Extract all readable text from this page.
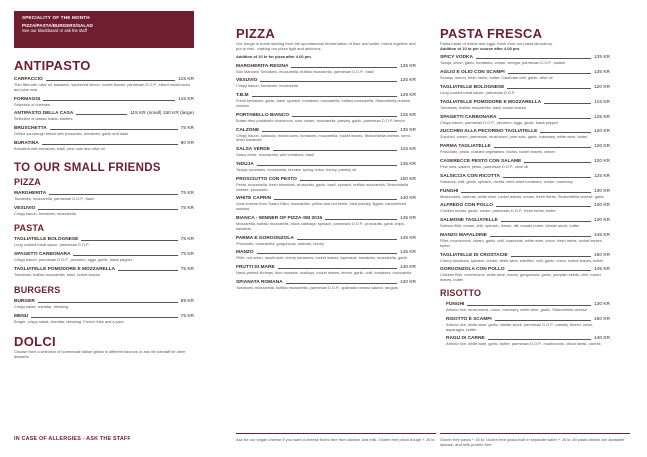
SPECIALITY OF THE MONTH
PIZZA/PASTA/BURGERS/SALAD
See our blackboard or ask the staff
ANTIPASTO
CARPACCIO	115 KR
Thin fillet with olive oil, balsamic, squeezed lemon, rocket leaves, parmesan D.O.P., sliced mushrooms and pine nuts
FORMAGGI	115 KR
Selection of cheeses
ANTIPASTO DELLA CASA	115 KR (small) 150 KR (large)
Selection of classic Italian starters
BRUSCHETTA	75 KR
Grilled sourdough bread with prosciutto, tomatoes, garlic and basil
BURATINA	90 KR
Burratina with tomatoes, basil, pine nuts and olive oil
TO OUR SMALL FRIENDS
PIZZA
MARGHERITA	75 KR
Tomatoes, mozzarella, parmesan D.O.P., basil
VESUVIO	75 KR
Crispy bacon, tomatoes, mozzarella
PASTA
TAGLIATELLE BOLOGNESE	75 KR
Long cooked meat sauce, parmesan D.O.P.
SPAGETTI CARBONARA	75 KR
Crispy bacon, parmesan D.O.P., pecorino, eggs, garlic, black pepper
TAGLIATELLE POMODORE E MOZZARELLA	75 KR
Tomatoes, buffalo mozzarella, basil, rocket leaves
BURGERS
BURGER	59 KR
Crispy salad, cheddar, dressing
MENU	75 KR
Burger, crispy salad, cheddar, dressing, French fries and a juice
DOLCI
Choose from a selection of homemade Italian gelato in different flavours or ask the barstaff for other desserts
PIZZA
Our dough is made starting from the spontaneous fermentation of flour and water, mixed together and put to rest - making our pizza light and delicious.
Addition of 10 kr for pizza after 4.00 pm.
MARGHERITA-REGINA	125 KR
San Marzano Tomatoes, mozzarella, buffalo mozzarella, parmesan D.O.P., basil
VESUVIO	125 KR
Crispy bacon, tomatoes, mozzarella
T.B.M	129 KR
Fresh tomatoes, garlic, basil, spinach, tomatoes, mozzarella, buffalo mozzarella, Stracchitella cheese, chicken
PORTABELLO BIANCO	125 KR
Butter-fried portabello mushroom, sour cream, mozzarella, parsley, garlic, parmesan D.O.P. lemon
CALZONE	135 KR
Crispy bacon, salsiccia, mushrooms, tomatoes, mozzarella, rocket leaves, Stracchitella cheese, semi-dried tomatoes
SALSA VERDE	115 KR
Salsa verde, mozzarella, wild tomatoes, basil
'NDUJA	135 KR
'Nduja, tomatoes, mozzarella, burrata, spring onion, honey, parsley oil
PROSCIUTTO CON PESTO	150 KR
Pesto, mozzarella, fresh tomatoes, prosciutto, garlic, basil, spinach, buffalo mozzarella, Stracchitella cheese, prosciutto
WHITE CAPRIN	140 KR
Goat cheese from Tiaaro Gård, mozzarella, yellow and red beets, fried parsley, figjam, caramelized walnuts
BIANCA - WINNER OF PIZZA-SM 2015	145 KR
Mozzarella, buffalo mozzarella, black cabbage, spinach, parmesan D.O.P., prosciutto, garlic chips, balsamic
PARMA E GORGONZOLA	145 KR
Prosciutto, mozzarella, gorgonzola, walnuts, honey
MANZO	145 KR
Fillet, red onion, mushroom, cherry tomatoes, rocket leaves, tapenade, tomatoes, mozzarella, garlic
FRUTTI DI MARE	140 KR
Hand-peeled shrimps, blue mussels, scallops, rocket leaves, lemon, garlic, chili, tomatoes, mozzarella
SPIANATA ROMANA	130 KR
Tomatoes, mozzarella, buffalo mozzarella, parmesan D.O.P., spianata romana salami, arugula
PASTA FRESCA
Pasta made of wheat and eggs, fresh from our pasta laboratory.
Addition of 10 kr per course after 4.00 pm.
SPICY VODKA	135 KR
'Nduja, onion, garlic, tomatoes, cream, vinegar, parmesan D.O.P., salami
AGLIO E OLIO CON SCAMPI	135 KR
Scampi, lemon, fresh herbs, butter, Calabrian chili, garlic, olive oil
TAGLIATELLE BOLOGNESE	120 KR
Long cooked meat sauce, parmesan D.O.P.
TAGLIATELLE POMODORE E MOZZARELLA	115 KR
Tomatoes, buffalo mozzarella, basil, rocket leaves
SPAGETTI CARBONARA	125 KR
Crispy bacon, parmesan D.O.P., pecorino, eggs, garlic, black pepper
ZUCCHINI ALLA PECORINO TAGLIATELLE	120 KR
Zucchini, cream, parmesan, mushroom, pine nuts, garlic, rosemary, white wine, butter
PARMA TAGLIATELLE	120 KR
Prosciutto, pesto, roasted vegetables, ricotta, rocket leaves, cream
CASERECCE PESTO CON SALAME	120 KR
Pine nuts, salami, pesto, parmesan D.O.P., olive oil
SALSICCIA CON RICOTTA	125 KR
Salsiccia, chili, garlic, spinach, ricotta, semi-dried tomatoes, cream, rosemary
FUNGHI	130 KR
Mushrooms, walnuts, white wine, rocket leaves, cream, fresh herbs, Stracchitella cheese, garlic
ALFREDO CON POLLO	130 KR
Chicken breast, garlic, cream, parmesan D.O.P., fresh herbs, butter
SALMONE TAGLIATELLE	130 KR
Salmon fillet, cream, chili, spinach, lemon, dill, tomato puree, lobster stock, butter
MANZO MAFALDINE	145 KR
Fillet, mushrooms, cream, garlic, chili, hazelnuts, white wine, onion, fresh herbs, rocket leaves, butter
TAGLIATELLE DI CROSTACIE	150 KR
Cherry tomatoes, spinach, cream, white wine, shellfish, chili, garlic, onion, rocket leaves, butter
GORGONZOLA CON POLLO	145 KR
Chicken fillet, mushrooms, white wine, cream, gorgonzola, garlic, pumpkin seeds, chili, rocket leaves, butter
RISOTTO
FUNGHI	130 KR
Arborio rice, mushrooms, onion, rosemary, white wine, garlic, Stracchitella cheese
RISOTTO E SCAMPI	150 KR
Arborio rice, white wine, garlic, lobster stock, parmesan D.O.P., parsley, fennel, onion, asparagus, butter
RAGU DI CARNE	140 KR
Arborio rice, white wine, garlic, butter, parmesan D.O.P., mushrooms, chuck steak, carrots
IN CASE OF ALLERGIES - ASK THE STAFF	Ask for our vegan cheese if you want a cheese that's free from lactose and milk. Gluten free pizza dough + 25 kr. Gluten free pasta + 15 kr. Gluten free pasta built in separate water + 25 kr. All pasta dishes are available lactose- and milk protein free.
